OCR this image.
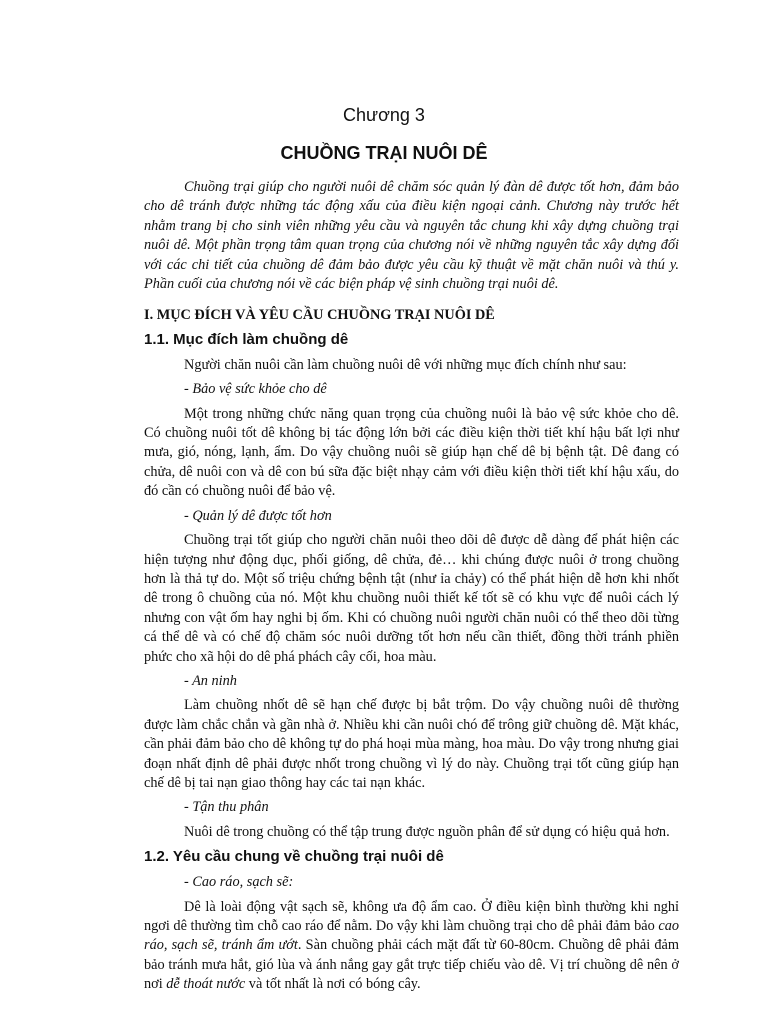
Chương 3
CHUỒNG TRẠI NUÔI DÊ

Chuồng trại giúp cho người nuôi dê chăm sóc quản lý đàn dê được tốt hơn, đảm bảo cho dê tránh được những tác động xấu của điều kiện ngoại cảnh. Chương này trước hết nhằm trang bị cho sinh viên những yêu cầu và nguyên tắc chung khi xây dựng chuồng trại nuôi dê. Một phần trọng tâm quan trọng của chương nói về những nguyên tắc xây dựng đối với các chi tiết của chuồng dê đảm bảo được yêu cầu kỹ thuật về mặt chăn nuôi và thú y. Phần cuối của chương nói về các biện pháp vệ sinh chuồng trại nuôi dê.

I. MỤC ĐÍCH VÀ YÊU CẦU CHUỒNG TRẠI NUÔI DÊ
1.1. Mục đích làm chuồng dê

Người chăn nuôi cần làm chuồng nuôi dê với những mục đích chính như sau:

- Bảo vệ sức khỏe cho dê

Một trong những chức năng quan trọng của chuồng nuôi là bảo vệ sức khỏe cho dê. Có chuồng nuôi tốt dê không bị tác động lớn bởi các điều kiện thời tiết khí hậu bất lợi như mưa, gió, nóng, lạnh, ẩm. Do vậy chuồng nuôi sẽ giúp hạn chế dê bị bệnh tật. Dê đang có chửa, dê nuôi con và dê con bú sữa đặc biệt nhạy cảm với điều kiện thời tiết khí hậu xấu, do đó cần có chuồng nuôi để bảo vệ.

- Quản lý dê được tốt hơn

Chuồng trại tốt giúp cho người chăn nuôi theo dõi dê được dễ dàng để phát hiện các hiện tượng như động dục, phối giống, dê chửa, đẻ… khi chúng được nuôi ở trong chuồng hơn là thả tự do. Một số triệu chứng bệnh tật (như ỉa chảy) có thể phát hiện dễ hơn khi nhốt dê trong ô chuồng của nó. Một khu chuồng nuôi thiết kế tốt sẽ có khu vực để nuôi cách lý nhưng con vật ốm hay nghi bị ốm. Khi có chuồng nuôi người chăn nuôi có thể theo dõi từng cá thể dê và có chế độ chăm sóc nuôi dưỡng tốt hơn nếu cần thiết, đồng thời tránh phiền phức cho xã hội do dê phá phách cây cối, hoa màu.

- An ninh

Làm chuồng nhốt dê sẽ hạn chế được bị bắt trộm. Do vậy chuồng nuôi dê thường được làm chắc chắn và gần nhà ở. Nhiều khi cần nuôi chó để trông giữ chuồng dê. Mặt khác, cần phải đảm bảo cho dê không tự do phá hoại mùa màng, hoa màu. Do vậy trong nhưng giai đoạn nhất định dê phải được nhốt trong chuồng vì lý do này. Chuồng trại tốt cũng giúp hạn chế dê bị tai nạn giao thông hay các tai nạn khác.

- Tận thu phân

Nuôi dê trong chuồng có thể tập trung được nguồn phân để sử dụng có hiệu quả hơn.

1.2. Yêu cầu chung về chuồng trại nuôi dê

- Cao ráo, sạch sẽ:

Dê là loài động vật sạch sẽ, không ưa độ ẩm cao. Ở điều kiện bình thường khi nghỉ ngơi dê thường tìm chỗ cao ráo để nằm. Do vậy khi làm chuồng trại cho dê phải đảm bảo cao ráo, sạch sẽ, tránh ẩm ướt. Sàn chuồng phải cách mặt đất từ 60-80cm. Chuồng dê phải đảm bảo tránh mưa hắt, gió lùa và ánh nắng gay gắt trực tiếp chiếu vào dê. Vị trí chuồng dê nên ở nơi dễ thoát nước và tốt nhất là nơi có bóng cây.
